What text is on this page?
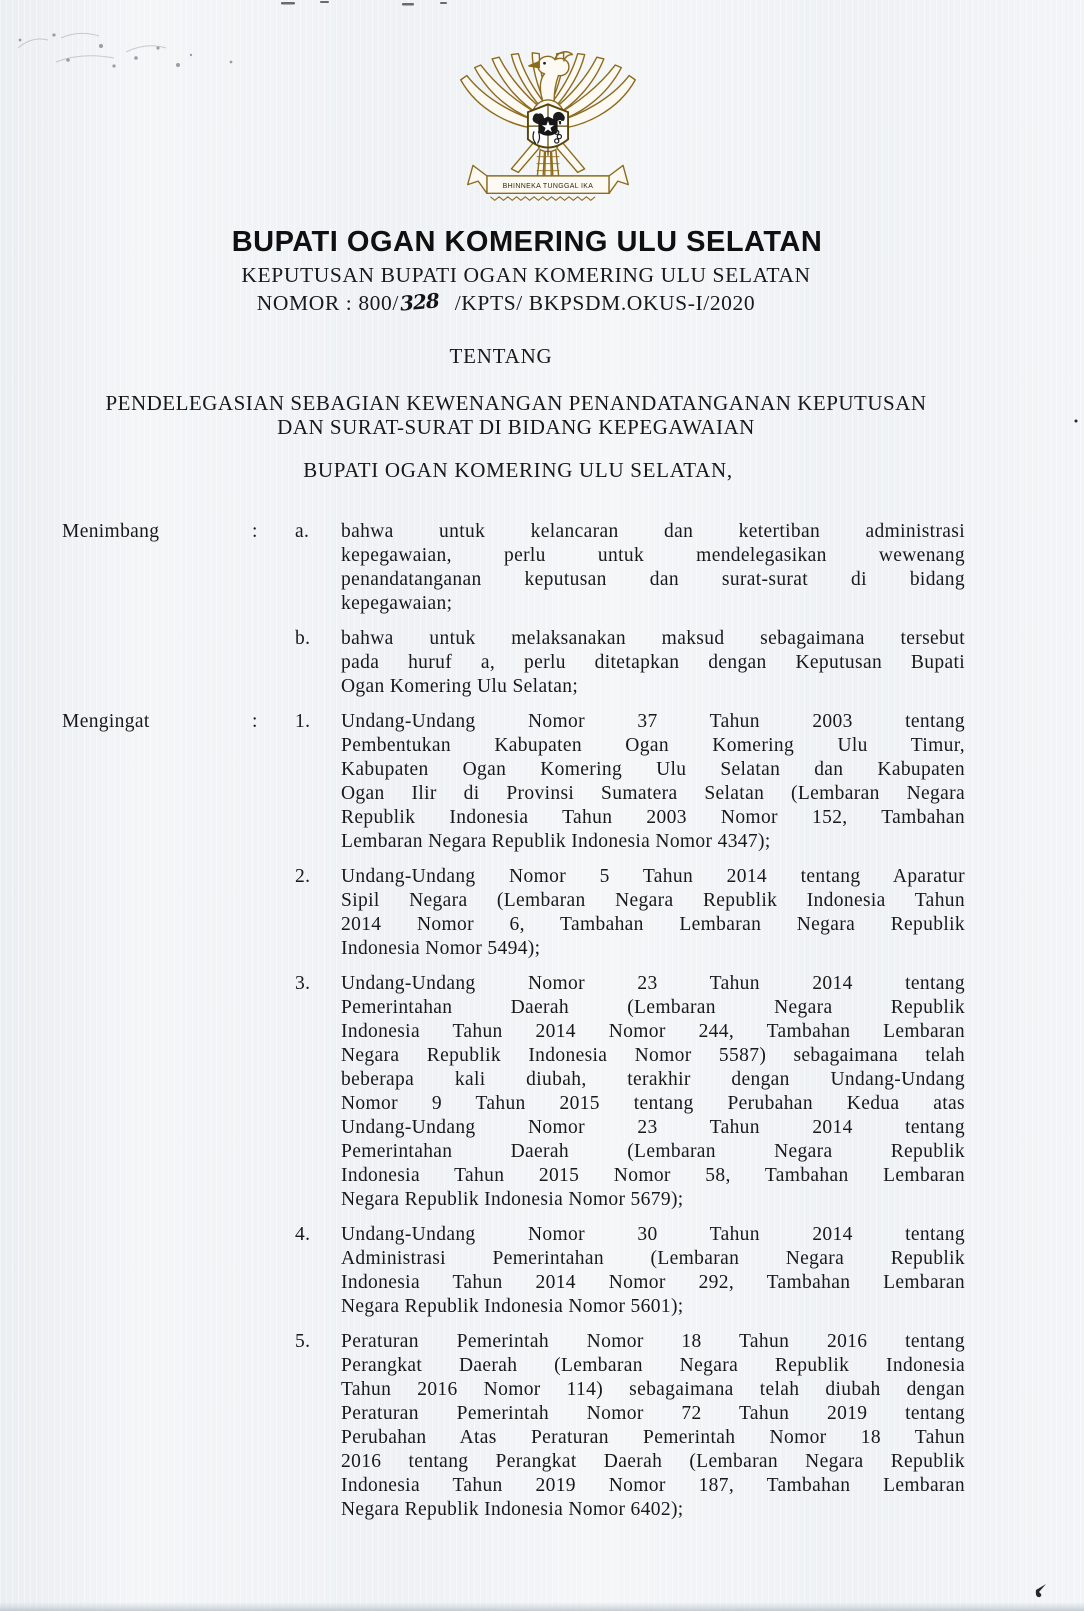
BHINNEKA TUNGGAL IKA
BUPATI OGAN KOMERING ULU SELATAN
KEPUTUSAN BUPATI OGAN KOMERING ULU SELATAN
NOMOR : 800/328 /KPTS/ BKPSDM.OKUS-I/2020
TENTANG
PENDELEGASIAN SEBAGIAN KEWENANGAN PENANDATANGANAN KEPUTUSAN
DAN SURAT-SURAT DI BIDANG KEPEGAWAIAN
BUPATI OGAN KOMERING ULU SELATAN,
Menimbang	:	a.	bahwa untuk kelancaran dan ketertiban administrasi
kepegawaian, perlu untuk mendelegasikan wewenang
penandatanganan keputusan dan surat-surat di bidang
kepegawaian;
b.	bahwa untuk melaksanakan maksud sebagaimana tersebut
pada huruf a, perlu ditetapkan dengan Keputusan Bupati
Ogan Komering Ulu Selatan;
Mengingat	:	1.	Undang-Undang Nomor 37 Tahun 2003 tentang
Pembentukan Kabupaten Ogan Komering Ulu Timur,
Kabupaten Ogan Komering Ulu Selatan dan Kabupaten
Ogan Ilir di Provinsi Sumatera Selatan (Lembaran Negara
Republik Indonesia Tahun 2003 Nomor 152, Tambahan
Lembaran Negara Republik Indonesia Nomor 4347);
2.	Undang-Undang Nomor 5 Tahun 2014 tentang Aparatur
Sipil Negara (Lembaran Negara Republik Indonesia Tahun
2014 Nomor 6, Tambahan Lembaran Negara Republik
Indonesia Nomor 5494);
3.	Undang-Undang Nomor 23 Tahun 2014 tentang
Pemerintahan Daerah (Lembaran Negara Republik
Indonesia Tahun 2014 Nomor 244, Tambahan Lembaran
Negara Republik Indonesia Nomor 5587) sebagaimana telah
beberapa kali diubah, terakhir dengan Undang-Undang
Nomor 9 Tahun 2015 tentang Perubahan Kedua atas
Undang-Undang Nomor 23 Tahun 2014 tentang
Pemerintahan Daerah (Lembaran Negara Republik
Indonesia Tahun 2015 Nomor 58, Tambahan Lembaran
Negara Republik Indonesia Nomor 5679);
4.	Undang-Undang Nomor 30 Tahun 2014 tentang
Administrasi Pemerintahan (Lembaran Negara Republik
Indonesia Tahun 2014 Nomor 292, Tambahan Lembaran
Negara Republik Indonesia Nomor 5601);
5.	Peraturan Pemerintah Nomor 18 Tahun 2016 tentang
Perangkat Daerah (Lembaran Negara Republik Indonesia
Tahun 2016 Nomor 114) sebagaimana telah diubah dengan
Peraturan Pemerintah Nomor 72 Tahun 2019 tentang
Perubahan Atas Peraturan Pemerintah Nomor 18 Tahun
2016 tentang Perangkat Daerah (Lembaran Negara Republik
Indonesia Tahun 2019 Nomor 187, Tambahan Lembaran
Negara Republik Indonesia Nomor 6402);
